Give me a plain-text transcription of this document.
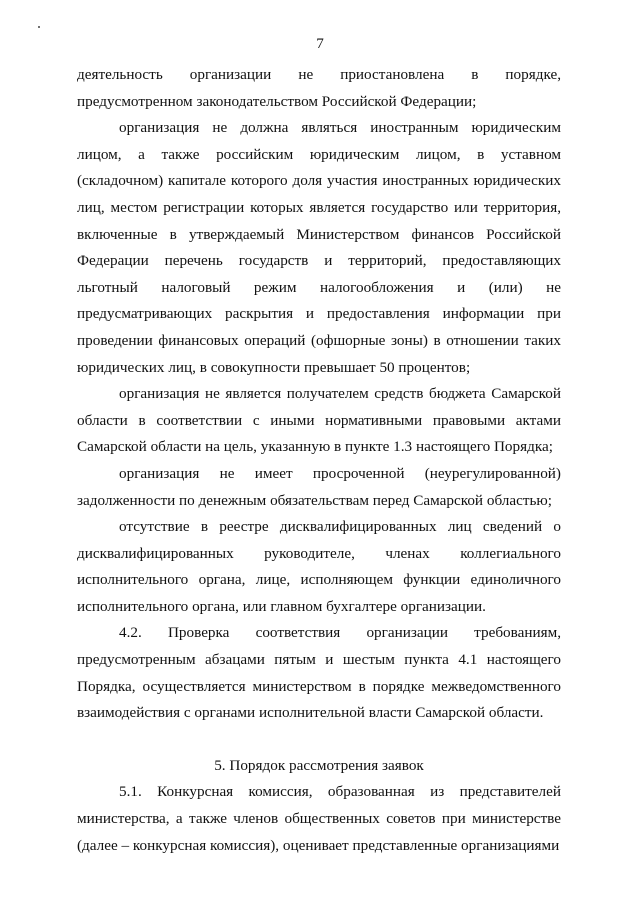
7

деятельность организации не приостановлена в порядке, предусмотренном законодательством Российской Федерации;

организация не должна являться иностранным юридическим лицом, а также российским юридическим лицом, в уставном (складочном) капитале которого доля участия иностранных юридических лиц, местом регистрации которых является государство или территория, включенные в утверждаемый Министерством финансов Российской Федерации перечень государств и территорий, предоставляющих льготный налоговый режим налогообложения и (или) не предусматривающих раскрытия и предоставления информации при проведении финансовых операций (офшорные зоны) в отношении таких юридических лиц, в совокупности превышает 50 процентов;

организация не является получателем средств бюджета Самарской области в соответствии с иными нормативными правовыми актами Самарской области на цель, указанную в пункте 1.3 настоящего Порядка;

организация не имеет просроченной (неурегулированной) задолженности по денежным обязательствам перед Самарской областью;

отсутствие в реестре дисквалифицированных лиц сведений о дисквалифицированных руководителе, членах коллегиального исполнительного органа, лице, исполняющем функции единоличного исполнительного органа, или главном бухгалтере организации.

4.2. Проверка соответствия организации требованиям, предусмотренным абзацами пятым и шестым пункта 4.1 настоящего Порядка, осуществляется министерством в порядке межведомственного взаимодействия с органами исполнительной власти Самарской области.

5. Порядок рассмотрения заявок

5.1. Конкурсная комиссия, образованная из представителей министерства, а также членов общественных советов при министерстве (далее – конкурсная комиссия), оценивает представленные организациями
